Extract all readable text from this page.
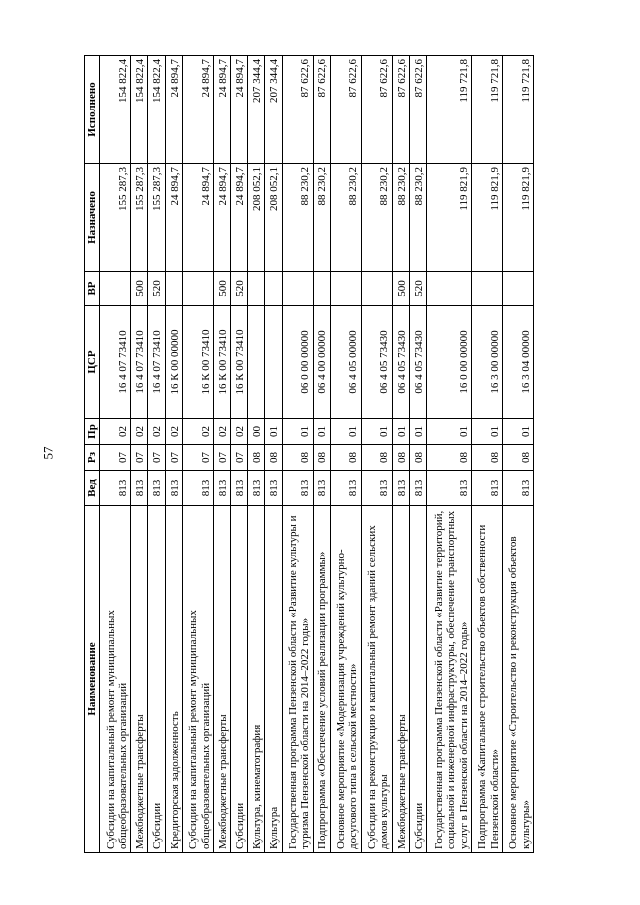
57
Наименование	Вед	Рз	Пр	ЦСР	ВР	Назначено	Исполнено
Субсидии на капитальный ремонт муниципальных общеобразовательных организаций	813	07	02	16 4 07 73410		155 287,3	154 822,4
Межбюджетные трансферты	813	07	02	16 4 07 73410	500	155 287,3	154 822,4
Субсидии	813	07	02	16 4 07 73410	520	155 287,3	154 822,4
Кредиторская задолженность	813	07	02	16 К 00 00000		24 894,7	24 894,7
Субсидии на капитальный ремонт муниципальных общеобразовательных организаций	813	07	02	16 К 00 73410		24 894,7	24 894,7
Межбюджетные трансферты	813	07	02	16 К 00 73410	500	24 894,7	24 894,7
Субсидии	813	07	02	16 К 00 73410	520	24 894,7	24 894,7
Культура, кинематография	813	08	00			208 052,1	207 344,4
Культура	813	08	01			208 052,1	207 344,4
Государственная программа Пензенской области «Развитие культуры и туризма Пензенской области на 2014–2022 годы»	813	08	01	06 0 00 00000		88 230,2	87 622,6
Подпрограмма «Обеспечение условий реализации программы»	813	08	01	06 4 00 00000		88 230,2	87 622,6
Основное мероприятие «Модернизация учреждений культурно-досугового типа в сельской местности»	813	08	01	06 4 05 00000		88 230,2	87 622,6
Субсидии на реконструкцию и капитальный ремонт зданий сельских домов культуры	813	08	01	06 4 05 73430		88 230,2	87 622,6
Межбюджетные трансферты	813	08	01	06 4 05 73430	500	88 230,2	87 622,6
Субсидии	813	08	01	06 4 05 73430	520	88 230,2	87 622,6
Государственная программа Пензенской области «Развитие территорий, социальной и инженерной инфраструктуры, обеспечение транспортных услуг в Пензенской области на 2014–2022 годы»	813	08	01	16 0 00 00000		119 821,9	119 721,8
Подпрограмма «Капитальное строительство объектов собственности Пензенской области»	813	08	01	16 3 00 00000		119 821,9	119 721,8
Основное мероприятие «Строительство и реконструкция объектов культуры»	813	08	01	16 3 04 00000		119 821,9	119 721,8
